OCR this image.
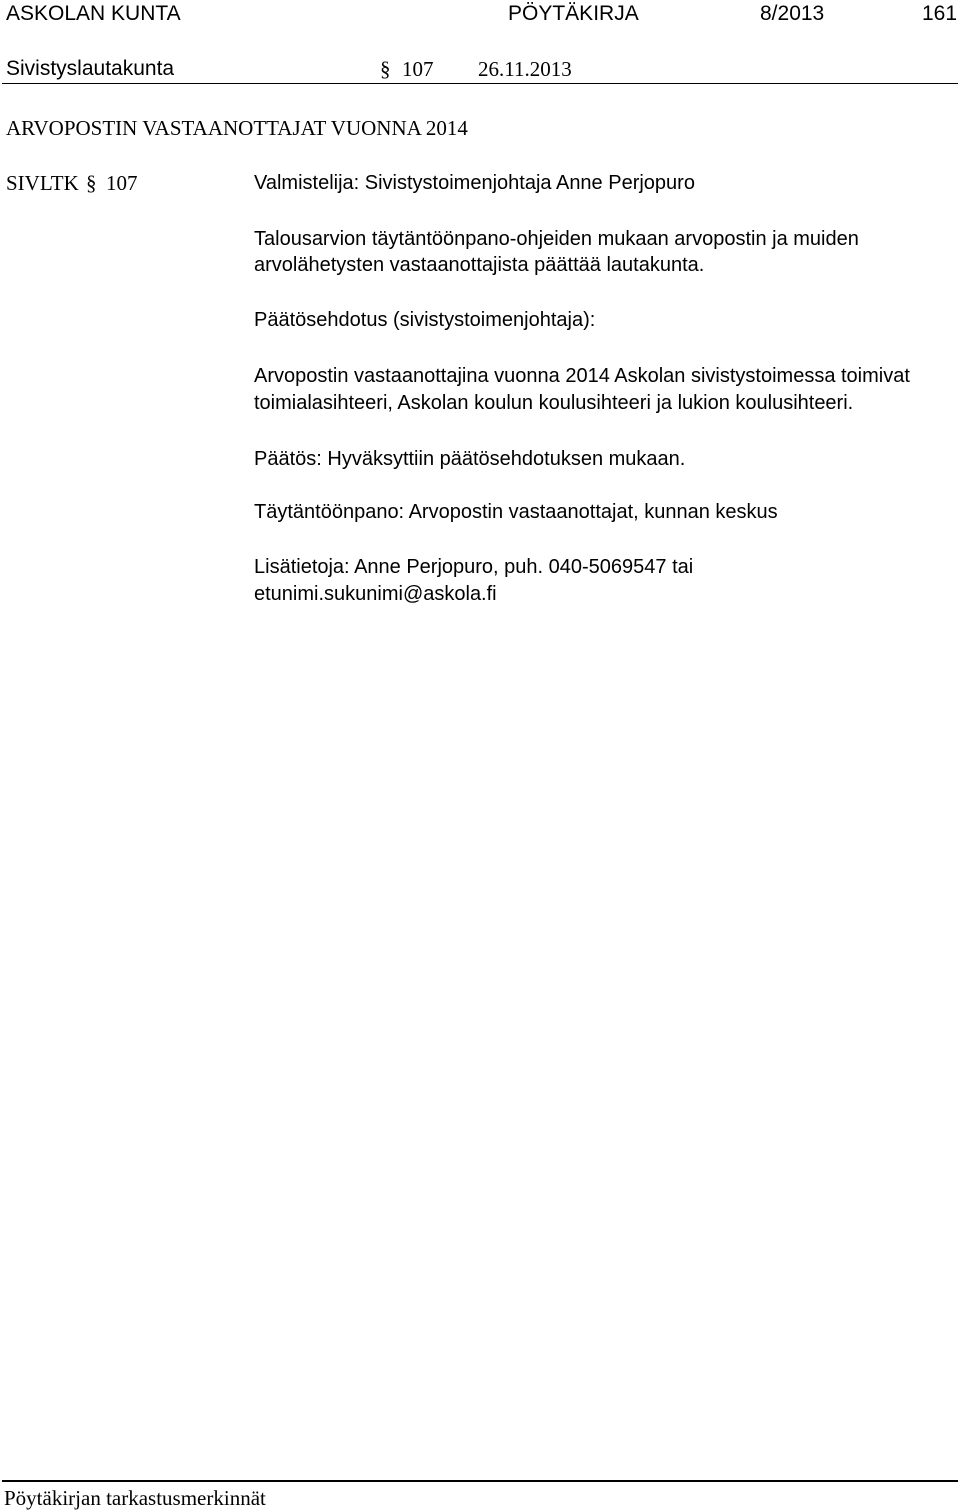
ASKOLAN KUNTA	PÖYTÄKIRJA	8/2013	161
Sivistyslautakunta	§ 107 26.11.2013
ARVOPOSTIN VASTAANOTTAJAT VUONNA 2014
SIVLTK § 107	Valmistelija: Sivistystoimenjohtaja Anne Perjopuro
Talousarvion täytäntöönpano-ohjeiden mukaan arvopostin ja muiden
arvolähetysten vastaanottajista päättää lautakunta.
Päätösehdotus (sivistystoimenjohtaja):
Arvopostin vastaanottajina vuonna 2014 Askolan sivistystoimessa toimivat
toimialasihteeri, Askolan koulun koulusihteeri ja lukion koulusihteeri.
Päätös: Hyväksyttiin päätösehdotuksen mukaan.
Täytäntöönpano: Arvopostin vastaanottajat, kunnan keskus
Lisätietoja: Anne Perjopuro, puh. 040-5069547 tai
etunimi.sukunimi@askola.fi
Pöytäkirjan tarkastusmerkinnät
